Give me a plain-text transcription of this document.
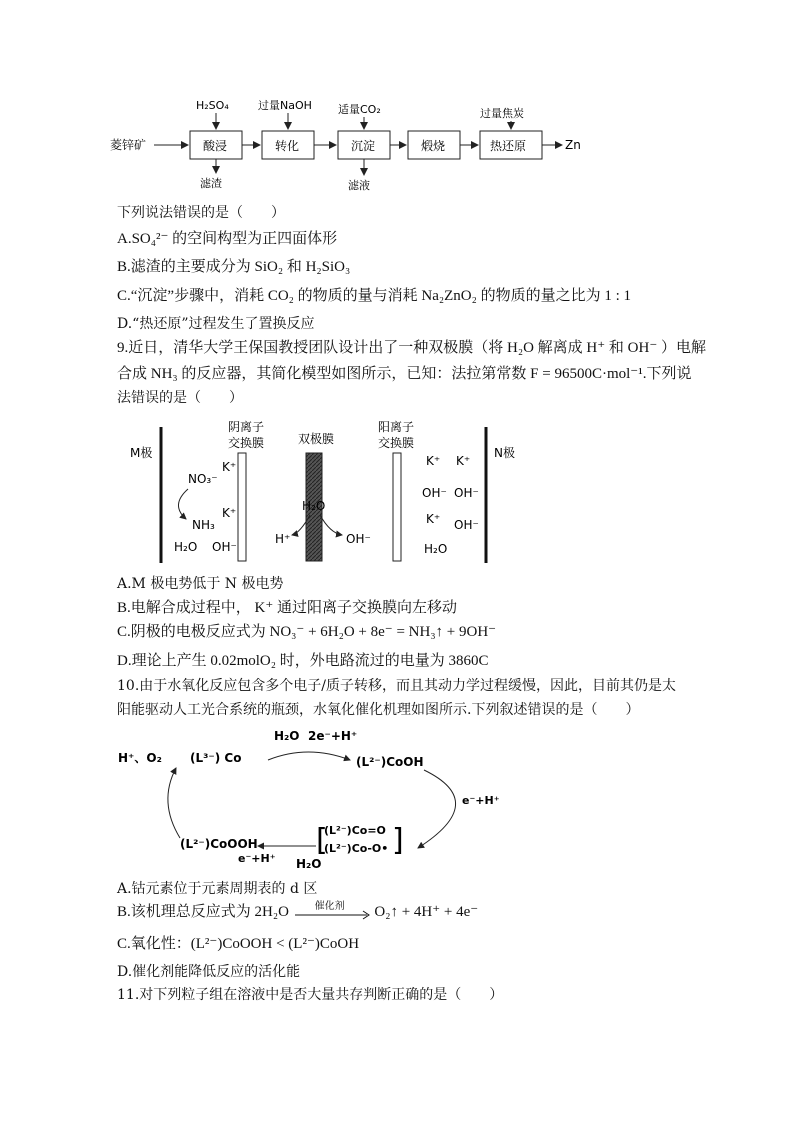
菱锌矿	酸浸	转化	沉淀	煅烧	热还原	Zn
H₂SO₄	过量NaOH 适量CO₂	过量焦炭
滤渣	滤液
下列说法错误的是（　　）
A.SO₄²⁻ 的空间构型为正四面体形
B.滤渣的主要成分为 SiO₂ 和 H₂SiO₃
C.“沉淀”步骤中，消耗 CO₂ 的物质的量与消耗 Na₂ZnO₂ 的物质的量之比为 1 : 1
D.“热还原”过程发生了置换反应
9.近日，清华大学王保国教授团队设计出了一种双极膜（将 H₂O 解离成 H⁺ 和 OH⁻ ）电解
合成 NH₃ 的反应器，其简化模型如图所示，已知：法拉第常数 F = 96500C·mol⁻¹.下列说
法错误的是（　　）
M极	N极
阴离子
交换膜	双极膜
阳离子
交换膜
NO₃⁻
K⁺
K⁺
NH₃
H₂O OH⁻
H₂O
H⁺	OH⁻
K⁺ K⁺
OH⁻ OH⁻
K⁺ OH⁻
H₂O
A.M 极电势低于 N 极电势
B.电解合成过程中， K⁺ 通过阳离子交换膜向左移动
C.阴极的电极反应式为 NO₃⁻ + 6H₂O + 8e⁻ = NH₃↑ + 9OH⁻
D.理论上产生 0.02molO₂ 时，外电路流过的电量为 3860C
10.由于水氧化反应包含多个电子/质子转移，而且其动力学过程缓慢，因此，目前其仍是太
阳能驱动人工光合系统的瓶颈，水氧化催化机理如图所示.下列叙述错误的是（　　）
H⁺、O₂ (L³⁻) Co
H₂O 2e⁻+H⁺
(L²⁻)CoOH
e⁻+H⁺
[ ]
(L²⁻)Co=O
(L²⁻)Co-O•
H₂O
(L²⁻)CoOOH
e⁻+H⁺
A.钴元素位于元素周期表的 d 区
B.该机理总反应式为 2H₂O	催化剂 O₂↑ + 4H⁺ + 4e⁻
C.氧化性：(L²⁻)CoOOH < (L²⁻)CoOH
D.催化剂能降低反应的活化能
11.对下列粒子组在溶液中是否大量共存判断正确的是（　　）
